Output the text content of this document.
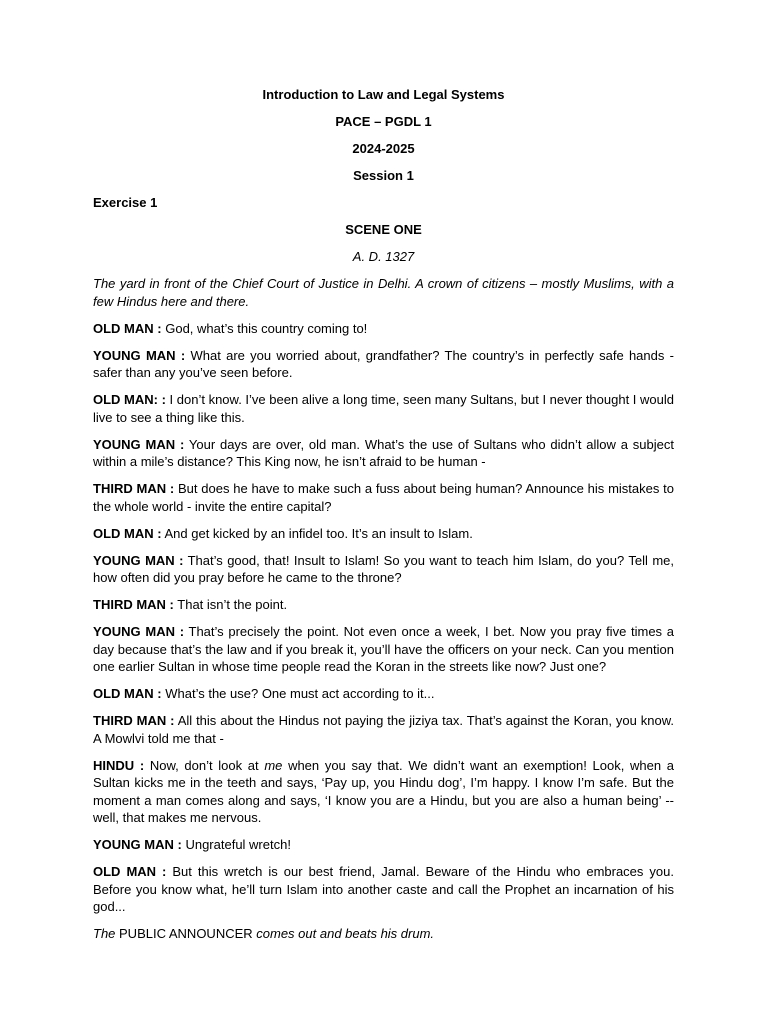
Introduction to Law and Legal Systems
PACE – PGDL 1
2024-2025
Session 1
Exercise 1
SCENE ONE
A. D. 1327

The yard in front of the Chief Court of Justice in Delhi. A crown of citizens – mostly Muslims, with a few Hindus here and there.

OLD MAN : God, what’s this country coming to!

YOUNG MAN : What are you worried about, grandfather? The country’s in perfectly safe hands - safer than any you’ve seen before.

OLD MAN: : I don’t know. I’ve been alive a long time, seen many Sultans, but I never thought I would live to see a thing like this.

YOUNG MAN : Your days are over, old man. What’s the use of Sultans who didn’t allow a subject within a mile’s distance? This King now, he isn’t afraid to be human -

THIRD MAN : But does he have to make such a fuss about being human? Announce his mistakes to the whole world - invite the entire capital?

OLD MAN : And get kicked by an infidel too. It’s an insult to Islam.

YOUNG MAN : That’s good, that! Insult to Islam! So you want to teach him Islam, do you? Tell me, how often did you pray before he came to the throne?

THIRD MAN : That isn’t the point.

YOUNG MAN : That’s precisely the point. Not even once a week, I bet. Now you pray five times a day because that’s the law and if you break it, you’ll have the officers on your neck. Can you mention one earlier Sultan in whose time people read the Koran in the streets like now? Just one?

OLD MAN : What’s the use? One must act according to it...

THIRD MAN : All this about the Hindus not paying the jiziya tax. That’s against the Koran, you know. A Mowlvi told me that -

HINDU : Now, don’t look at me when you say that. We didn’t want an exemption! Look, when a Sultan kicks me in the teeth and says, ‘Pay up, you Hindu dog’, I’m happy. I know I’m safe. But the moment a man comes along and says, ‘I know you are a Hindu, but you are also a human being’ -- well, that makes me nervous.

YOUNG MAN : Ungrateful wretch!

OLD MAN : But this wretch is our best friend, Jamal. Beware of the Hindu who embraces you. Before you know what, he’ll turn Islam into another caste and call the Prophet an incarnation of his god...

The PUBLIC ANNOUNCER comes out and beats his drum.
